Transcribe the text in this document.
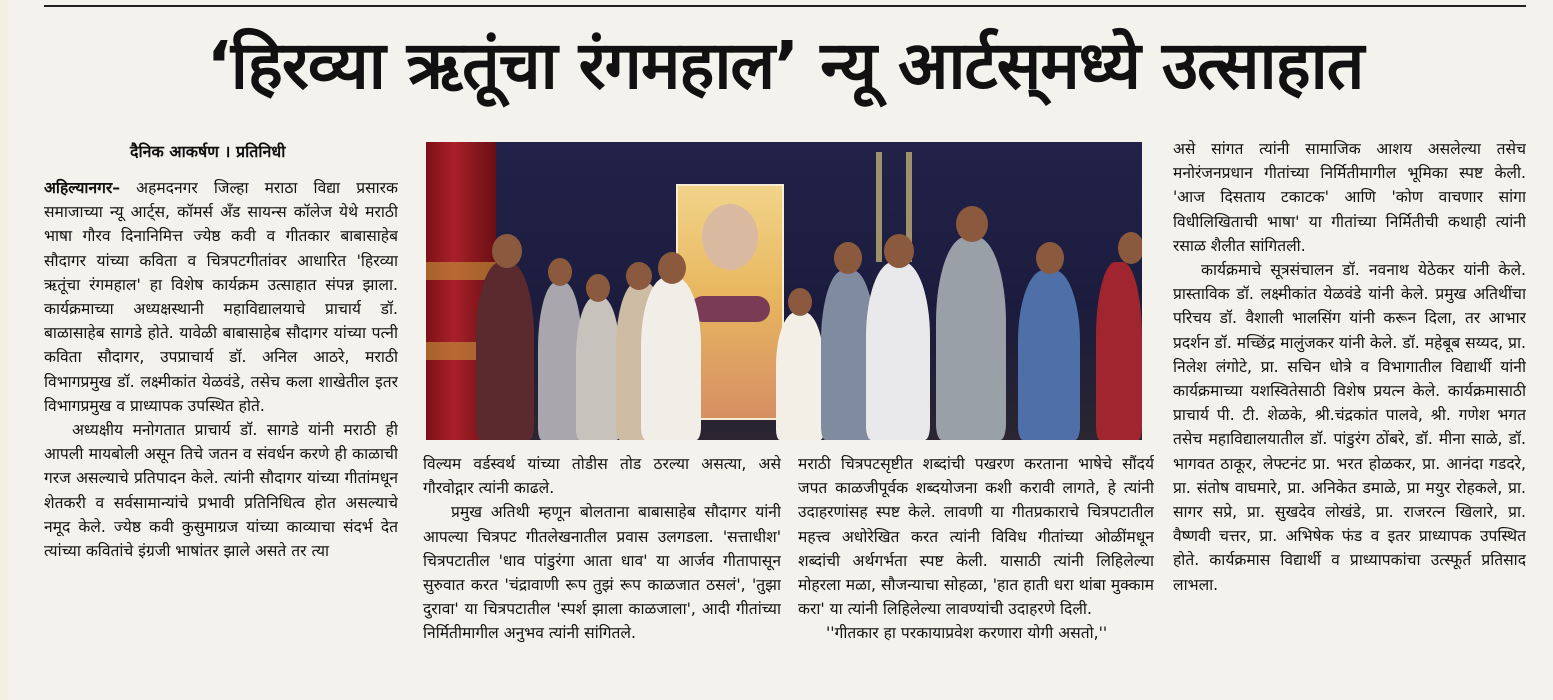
‘हिरव्या ऋतूंचा रंगमहाल’ न्यू आर्टस्‌मध्ये उत्साहात
दैनिक आकर्षण । प्रतिनिधी

अहिल्यानगर– अहमदनगर जिल्हा मराठा विद्या प्रसारक समाजाच्या न्यू आर्ट्स, कॉमर्स अँड सायन्स कॉलेज येथे मराठी भाषा गौरव दिनानिमित्त ज्येष्ठ कवी व गीतकार बाबासाहेब सौदागर यांच्या कविता व चित्रपटगीतांवर आधारित 'हिरव्या ऋतूंचा रंगमहाल' हा विशेष कार्यक्रम उत्साहात संपन्न झाला. कार्यक्रमाच्या अध्यक्षस्थानी महाविद्यालयाचे प्राचार्य डॉ. बाळासाहेब सागडे होते. यावेळी बाबासाहेब सौदागर यांच्या पत्नी कविता सौदागर, उपप्राचार्य डॉ. अनिल आठरे, मराठी विभागप्रमुख डॉ. लक्ष्मीकांत येळवंडे, तसेच कला शाखेतील इतर विभागप्रमुख व प्राध्यापक उपस्थित होते.

अध्यक्षीय मनोगतात प्राचार्य डॉ. सागडे यांनी मराठी ही आपली मायबोली असून तिचे जतन व संवर्धन करणे ही काळाची गरज असल्याचे प्रतिपादन केले. त्यांनी सौदागर यांच्या गीतांमधून शेतकरी व सर्वसामान्यांचे प्रभावी प्रतिनिधित्व होत असल्याचे नमूद केले. ज्येष्ठ कवी कुसुमाग्रज यांच्या काव्याचा संदर्भ देत त्यांच्या कवितांचे इंग्रजी भाषांतर झाले असते तर त्या

विल्यम वर्डस्वर्थ यांच्या तोडीस तोड ठरल्या असत्या, असे गौरवोद्गार त्यांनी काढले.

प्रमुख अतिथी म्हणून बोलताना बाबासाहेब सौदागर यांनी आपल्या चित्रपट गीतलेखनातील प्रवास उलगडला. 'सत्ताधीश' चित्रपटातील 'धाव पांडुरंगा आता धाव' या आर्जव गीतापासून सुरुवात करत 'चंद्रावाणी रूप तुझं रूप काळजात ठसलं', 'तुझा दुरावा' या चित्रपटातील 'स्पर्श झाला काळजाला', आदी गीतांच्या निर्मितीमागील अनुभव त्यांनी सांगितले.

मराठी चित्रपटसृष्टीत शब्दांची पखरण करताना भाषेचे सौंदर्य जपत काळजीपूर्वक शब्दयोजना कशी करावी लागते, हे त्यांनी उदाहरणांसह स्पष्ट केले. लावणी या गीतप्रकाराचे चित्रपटातील महत्त्व अधोरेखित करत त्यांनी विविध गीतांच्या ओळींमधून शब्दांची अर्थगर्भता स्पष्ट केली. यासाठी त्यांनी लिहिलेल्या मोहरला मळा, सौजन्याचा सोहळा, 'हात हाती धरा थांबा मुक्काम करा' या त्यांनी लिहिलेल्या लावण्यांची उदाहरणे दिली.

''गीतकार हा परकायाप्रवेश करणारा योगी असतो,''

असे सांगत त्यांनी सामाजिक आशय असलेल्या तसेच मनोरंजनप्रधान गीतांच्या निर्मितीमागील भूमिका स्पष्ट केली. 'आज दिसताय टकाटक' आणि 'कोण वाचणार सांगा विधीलिखिताची भाषा' या गीतांच्या निर्मितीची कथाही त्यांनी रसाळ शैलीत सांगितली.

कार्यक्रमाचे सूत्रसंचालन डॉ. नवनाथ येठेकर यांनी केले. प्रास्ताविक डॉ. लक्ष्मीकांत येळवंडे यांनी केले. प्रमुख अतिथींचा परिचय डॉ. वैशाली भालसिंग यांनी करून दिला, तर आभार प्रदर्शन डॉ. मच्छिंद्र मालुंजकर यांनी केले. डॉ. महेबूब सय्यद, प्रा. निलेश लंगोटे, प्रा. सचिन धोत्रे व विभागातील विद्यार्थी यांनी कार्यक्रमाच्या यशस्वितेसाठी विशेष प्रयत्न केले. कार्यक्रमासाठी प्राचार्य पी. टी. शेळके, श्री.चंद्रकांत पालवे, श्री. गणेश भगत तसेच महाविद्यालयातील डॉ. पांडुरंग ठोंबरे, डॉ. मीना साळे, डॉ. भागवत ठाकूर, लेफ्टनंट प्रा. भरत होळकर, प्रा. आनंदा गडदरे, प्रा. संतोष वाघमारे, प्रा. अनिकेत डमाळे, प्रा मयुर रोहकले, प्रा. सागर सप्रे, प्रा. सुखदेव लोखंडे, प्रा. राजरत्न खिलारे, प्रा. वैष्णवी चत्तर, प्रा. अभिषेक फंड व इतर प्राध्यापक उपस्थित होते. कार्यक्रमास विद्यार्थी व प्राध्यापकांचा उत्स्फूर्त प्रतिसाद लाभला.
